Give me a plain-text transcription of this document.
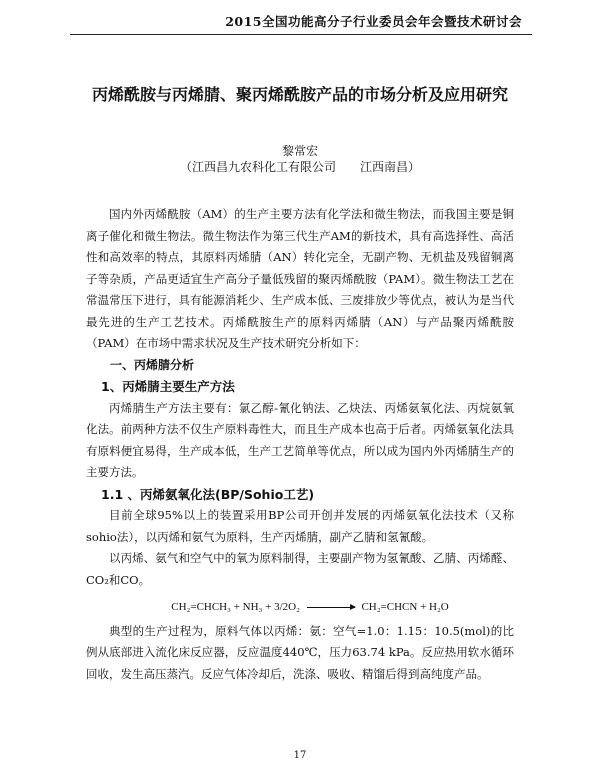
2015全国功能高分子行业委员会年会暨技术研讨会
丙烯酰胺与丙烯腈、聚丙烯酰胺产品的市场分析及应用研究
黎常宏
（江西昌九农科化工有限公司　　江西南昌）

国内外丙烯酰胺（AM）的生产主要方法有化学法和微生物法，而我国主要是铜离子催化和微生物法。微生物法作为第三代生产AM的新技术，具有高选择性、高活性和高效率的特点，其原料丙烯腈（AN）转化完全，无副产物、无机盐及残留铜离子等杂质，产品更适宜生产高分子量低残留的聚丙烯酰胺（PAM）。微生物法工艺在常温常压下进行，具有能源消耗少、生产成本低、三废排放少等优点，被认为是当代最先进的生产工艺技术。丙烯酰胺生产的原料丙烯腈（AN）与产品聚丙烯酰胺（PAM）在市场中需求状况及生产技术研究分析如下：

一、丙烯腈分析
1、丙烯腈主要生产方法

丙烯腈生产方法主要有：氯乙醇-氰化钠法、乙炔法、丙烯氨氧化法、丙烷氨氧化法。前两种方法不仅生产原料毒性大，而且生产成本也高于后者。丙烯氨氧化法具有原料便宜易得，生产成本低，生产工艺简单等优点，所以成为国内外丙烯腈生产的主要方法。

1.1 、丙烯氨氧化法(BP/Sohio工艺)

目前全球95%以上的装置采用BP公司开创并发展的丙烯氨氧化法技术（又称sohio法），以丙烯和氨气为原料，生产丙烯腈，副产乙腈和氢氰酸。

以丙烯、氨气和空气中的氧为原料制得，主要副产物为氢氰酸、乙腈、丙烯醛、CO₂和CO。

CH₂=CHCH₃ + NH₃ + 3/2O₂	CH₂=CHCN + H₂O

典型的生产过程为，原料气体以丙烯：氨：空气=1.0：1.15：10.5(mol)的比例从底部进入流化床反应器，反应温度440℃，压力63.74 kPa。反应热用软水循环回收，发生高压蒸汽。反应气体冷却后，洗涤、吸收、精馏后得到高纯度产品。

17
